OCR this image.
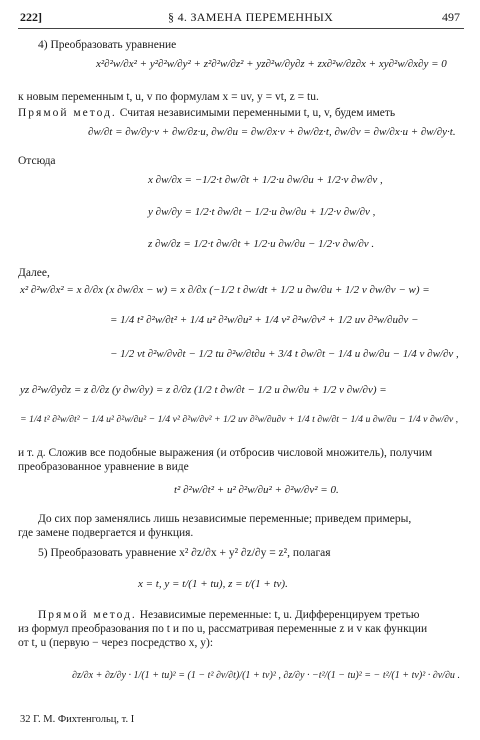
222]	§ 4. ЗАМЕНА ПЕРЕМЕННЫХ	497
4) Преобразовать уравнение
x²∂²w/∂x² + y²∂²w/∂y² + z²∂²w/∂z² + yz∂²w/∂y∂z + zx∂²w/∂z∂x + xy∂²w/∂x∂y = 0
к новым переменным t, u, v по формулам x = uv, y = vt, z = tu.
Прямой метод. Считая независимыми переменными t, u, v, будем иметь
∂w/∂t = ∂w/∂y·v + ∂w/∂z·u, ∂w/∂u = ∂w/∂x·v + ∂w/∂z·t, ∂w/∂v = ∂w/∂x·u + ∂w/∂y·t.
Отсюда
x ∂w/∂x = −1/2·t ∂w/∂t + 1/2·u ∂w/∂u + 1/2·v ∂w/∂v ,
y ∂w/∂y = 1/2·t ∂w/∂t − 1/2·u ∂w/∂u + 1/2·v ∂w/∂v ,
z ∂w/∂z = 1/2·t ∂w/∂t + 1/2·u ∂w/∂u − 1/2·v ∂w/∂v .
Далее,
x² ∂²w/∂x² = x ∂/∂x (x ∂w/∂x − w) = x ∂/∂x (−1/2 t ∂w/dt + 1/2 u ∂w/∂u + 1/2 v ∂w/∂v − w) =
= 1/4 t² ∂²w/∂t² + 1/4 u² ∂²w/∂u² + 1/4 v² ∂²w/∂v² + 1/2 uv ∂²w/∂u∂v −
− 1/2 vt ∂²w/∂v∂t − 1/2 tu ∂²w/∂t∂u + 3/4 t ∂w/∂t − 1/4 u ∂w/∂u − 1/4 v ∂w/∂v ,
yz ∂²w/∂y∂z = z ∂/∂z (y ∂w/∂y) = z ∂/∂z (1/2 t ∂w/∂t − 1/2 u ∂w/∂u + 1/2 v ∂w/∂v) =
= 1/4 t² ∂²w/∂t² − 1/4 u² ∂²w/∂u² − 1/4 v² ∂²w/∂v² + 1/2 uv ∂²w/∂u∂v + 1/4 t ∂w/∂t − 1/4 u ∂w/∂u − 1/4 v ∂w/∂v ,
и т. д. Сложив все подобные выражения (и отбросив числовой множитель), получим
преобразованное уравнение в виде
t² ∂²w/∂t² + u² ∂²w/∂u² + ∂²w/∂v² = 0.
До сих пор заменялись лишь независимые переменные; приведем примеры,
где замене подвергается и функция.
5) Преобразовать уравнение x² ∂z/∂x + y² ∂z/∂y = z², полагая
x = t, y = t/(1 + tu), z = t/(1 + tv).
Прямой метод. Независимые переменные: t, u. Дифференцируем третью
из формул преобразования по t и по u, рассматривая переменные z и v как функции
от t, u (первую − через посредство x, y):
∂z/∂x + ∂z/∂y · 1/(1 + tu)² = (1 − t² ∂v/∂t)/(1 + tv)² , ∂z/∂y · −t²/(1 − tu)² = − t²/(1 + tv)² · ∂v/∂u .
32 Г. М. Фихтенгольц, т. I
